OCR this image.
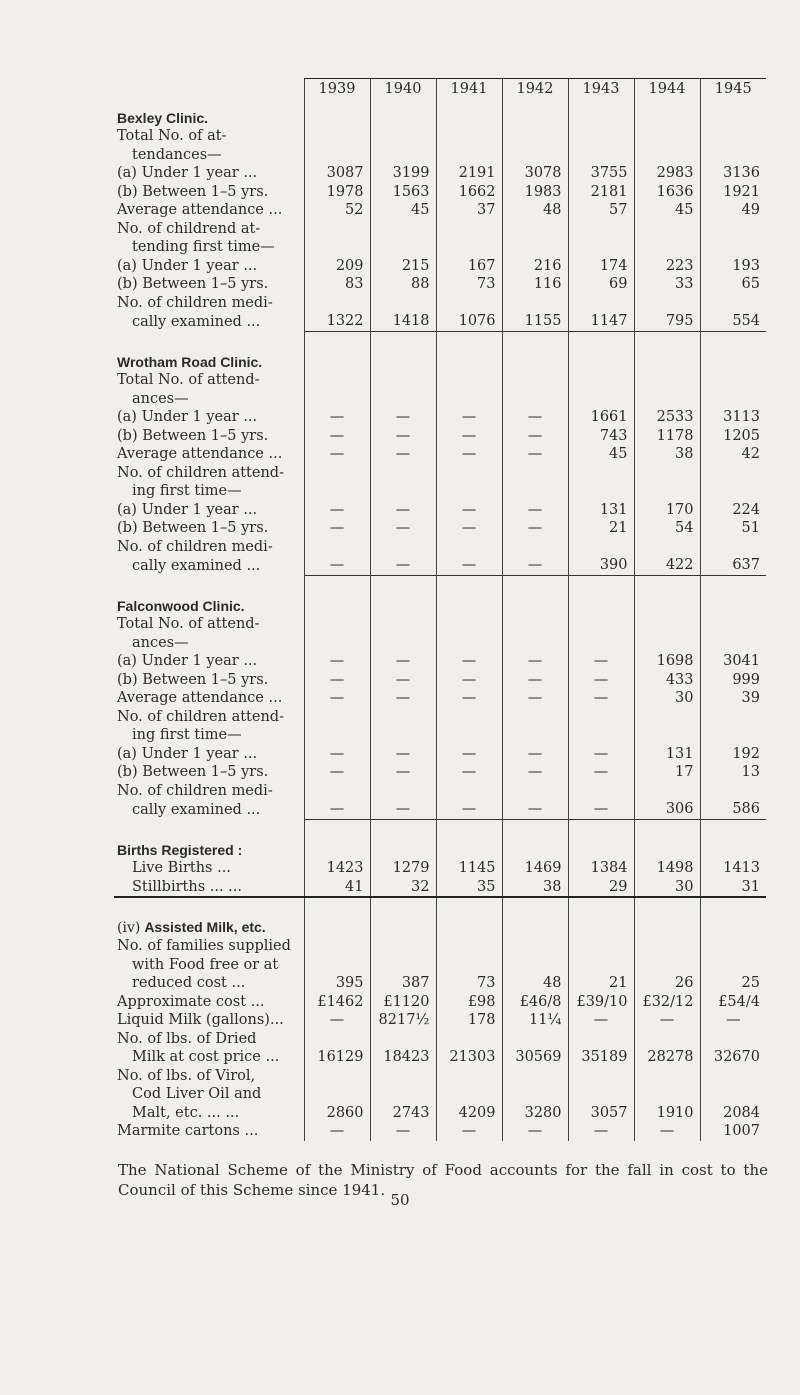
	1939	1940	1941	1942	1943	1944	1945
Bexley Clinic.							
Total No. of at-							
tendances—							
(a) Under 1 year ...	3087	3199	2191	3078	3755	2983	3136
(b) Between 1–5 yrs.	1978	1563	1662	1983	2181	1636	1921
Average attendance ...	52	45	37	48	57	45	49
No. of childrend at-							
tending first time—							
(a) Under 1 year ...	209	215	167	216	174	223	193
(b) Between 1–5 yrs.	83	88	73	116	69	33	65
No. of children medi-							
cally examined ...	1322	1418	1076	1155	1147	795	554
Wrotham Road Clinic.							
Total No. of attend-							
ances—							
(a) Under 1 year ...	—	—	—	—	1661	2533	3113
(b) Between 1–5 yrs.	—	—	—	—	743	1178	1205
Average attendance ...	—	—	—	—	45	38	42
No. of children attend-							
ing first time—							
(a) Under 1 year ...	—	—	—	—	131	170	224
(b) Between 1–5 yrs.	—	—	—	—	21	54	51
No. of children medi-							
cally examined ...	—	—	—	—	390	422	637
Falconwood Clinic.							
Total No. of attend-							
ances—							
(a) Under 1 year ...	—	—	—	—	—	1698	3041
(b) Between 1–5 yrs.	—	—	—	—	—	433	999
Average attendance ...	—	—	—	—	—	30	39
No. of children attend-							
ing first time—							
(a) Under 1 year ...	—	—	—	—	—	131	192
(b) Between 1–5 yrs.	—	—	—	—	—	17	13
No. of children medi-							
cally examined ...	—	—	—	—	—	306	586
Births Registered :							
Live Births ...	1423	1279	1145	1469	1384	1498	1413
Stillbirths ... ...	41	32	35	38	29	30	31
(iv) Assisted Milk, etc.							
No. of families supplied							
with Food free or at							
reduced cost ...	395	387	73	48	21	26	25
Approximate cost ...	£1462	£1120	£98	£46/8	£39/10	£32/12	£54/4
Liquid Milk (gallons)...	—	8217½	178	11¼	—	—	—
No. of lbs. of Dried							
Milk at cost price ...	16129	18423	21303	30569	35189	28278	32670
No. of lbs. of Virol,							
Cod Liver Oil and							
Malt, etc. ... ...	2860	2743	4209	3280	3057	1910	2084
Marmite cartons ...	—	—	—	—	—	—	1007

The National Scheme of the Ministry of Food accounts for the fall in cost to the Council of this Scheme since 1941.

50
